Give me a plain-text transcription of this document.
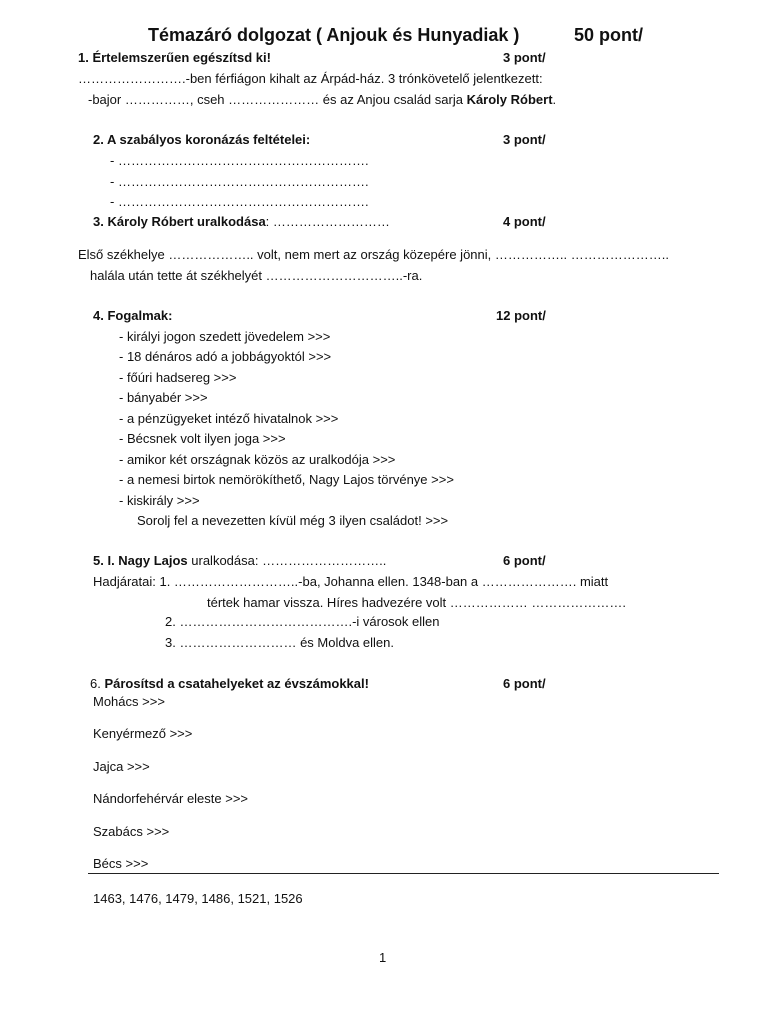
Témazáró dolgozat ( Anjouk és Hunyadiak )	50 pont/
1. Értelemszerűen egészítsd ki!	3 pont/
…………………….-ben férfiágon kihalt az Árpád-ház. 3 trónkövetelő jelentkezett:
-bajor ……………, cseh ………………… és az Anjou család sarja Károly Róbert.
2. A szabályos koronázás feltételei:	3 pont/
- ………………………………………………….
- ………………………………………………….
- ………………………………………………….
3. Károly Róbert uralkodása: ………………………	4 pont/
Első székhelye ……………….. volt, nem mert az ország közepére jönni, …………….. …………………..
halála után tette át székhelyét …………………………..-ra.
4. Fogalmak:	12 pont/
- királyi jogon szedett jövedelem >>>
- 18 dénáros adó a jobbágyoktól >>>
- főúri hadsereg >>>
- bányabér >>>
- a pénzügyeket intéző hivatalnok >>>
- Bécsnek volt ilyen joga >>>
- amikor két országnak közös az uralkodója >>>
- a nemesi birtok nemörökíthető, Nagy Lajos törvénye >>>
- kiskirály >>>
Sorolj fel a nevezetten kívül még 3 ilyen családot! >>>
5. I. Nagy Lajos uralkodása: ………………………..	6 pont/
Hadjáratai: 1. ………………………..-ba, Johanna ellen. 1348-ban a …………………. miatt
tértek hamar vissza. Híres hadvezére volt ……………… ………………….
2. ………………………………….-i városok ellen
3. ……………………… és Moldva ellen.
6. Párosítsd a csatahelyeket az évszámokkal!	6 pont/
Mohács >>>
Kenyérmező >>>
Jajca >>>
Nándorfehérvár eleste >>>
Szabács >>>
Bécs >>>
1463, 1476, 1479, 1486, 1521, 1526
1
